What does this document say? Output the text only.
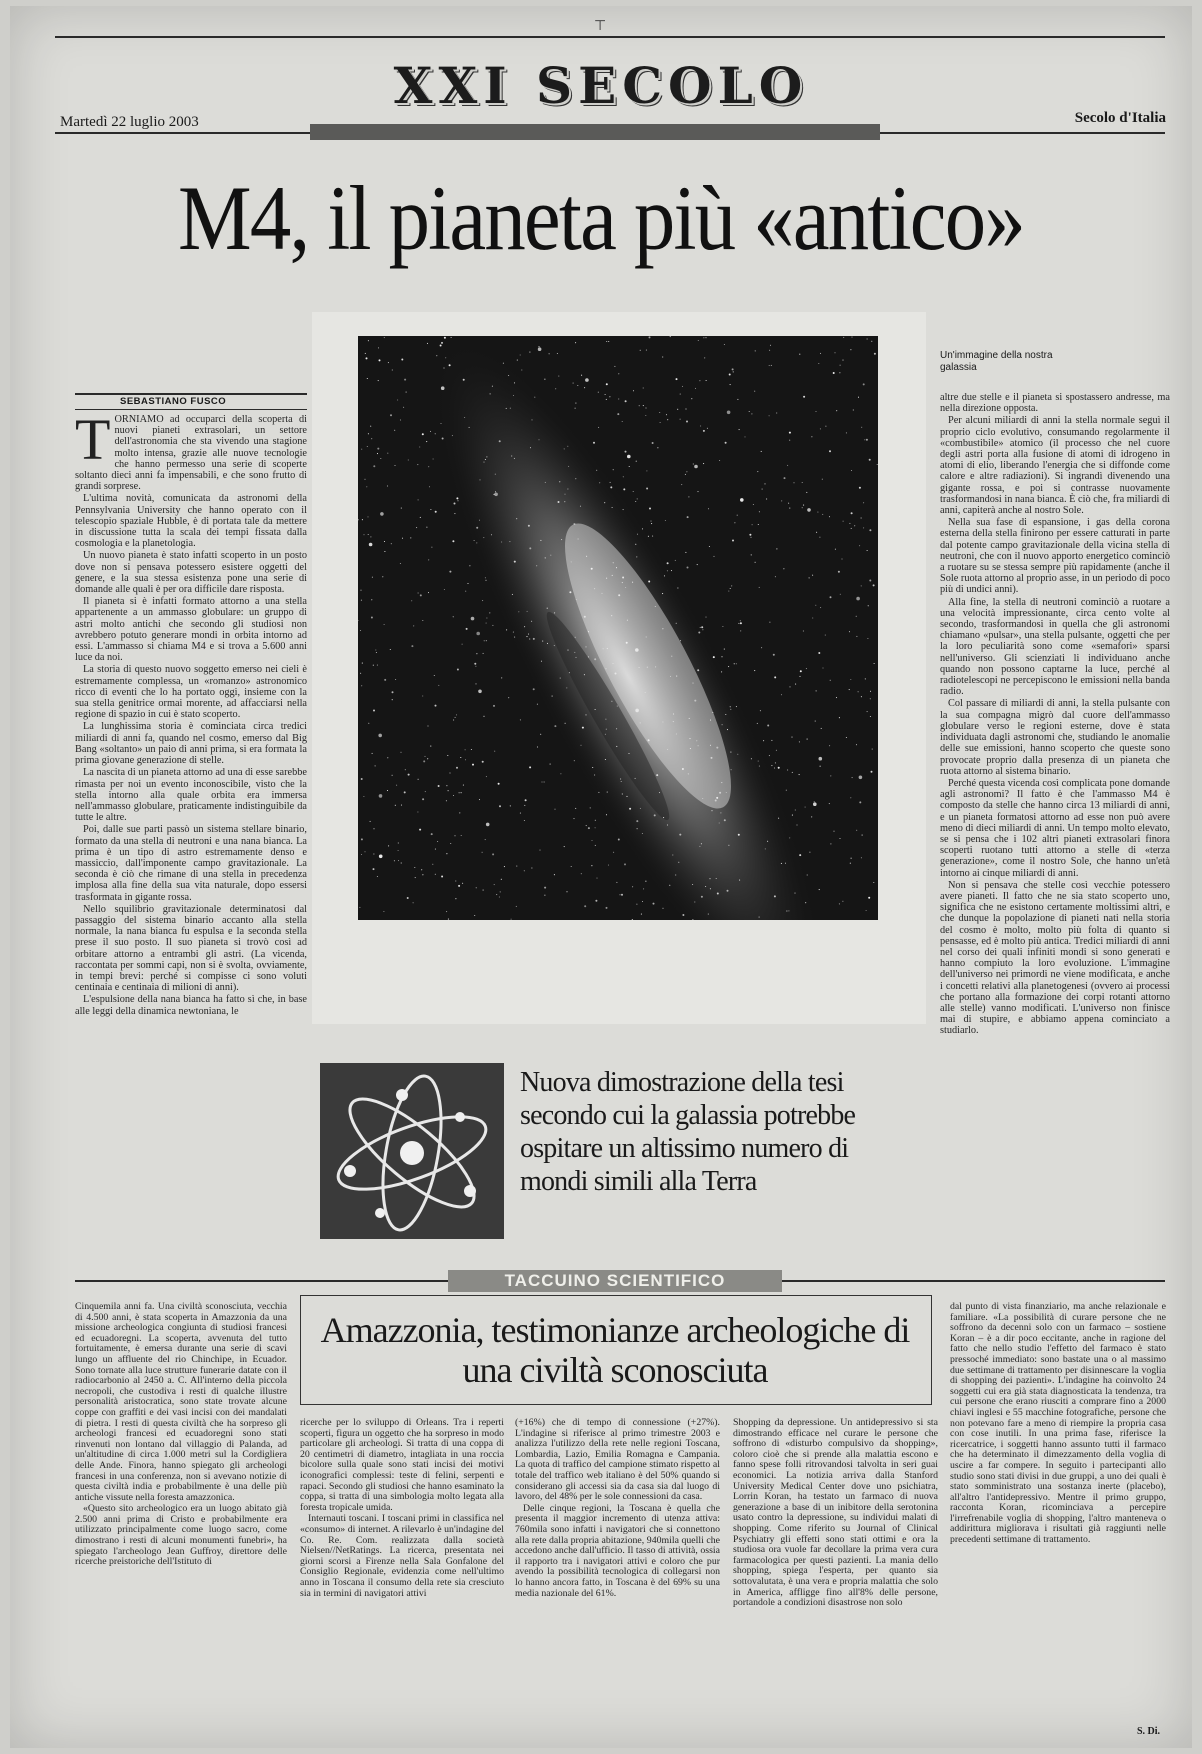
⊤
XXI SECOLO
Martedì 22 luglio 2003	Secolo d'Italia
M4, il pianeta più «antico»
SEBASTIANO FUSCO
T ORNIAMO ad occuparci della scoperta di nuovi pianeti extrasolari, un settore dell'astronomia che sta vivendo una stagione molto intensa, grazie alle nuove tecnologie che hanno permesso una serie di scoperte soltanto dieci anni fa impensabili, e che sono frutto di grandi sorprese.

L'ultima novità, comunicata da astronomi della Pennsylvania University che hanno operato con il telescopio spaziale Hubble, è di portata tale da mettere in discussione tutta la scala dei tempi fissata dalla cosmologia e la planetologia.

Un nuovo pianeta è stato infatti scoperto in un posto dove non si pensava potessero esistere oggetti del genere, e la sua stessa esistenza pone una serie di domande alle quali è per ora difficile dare risposta.

Il pianeta si è infatti formato attorno a una stella appartenente a un ammasso globulare: un gruppo di astri molto antichi che secondo gli studiosi non avrebbero potuto generare mondi in orbita intorno ad essi. L'ammasso si chiama M4 e si trova a 5.600 anni luce da noi.

La storia di questo nuovo soggetto emerso nei cieli è estremamente complessa, un «romanzo» astronomico ricco di eventi che lo ha portato oggi, insieme con la sua stella genitrice ormai morente, ad affacciarsi nella regione di spazio in cui è stato scoperto.

La lunghissima storia è cominciata circa tredici miliardi di anni fa, quando nel cosmo, emerso dal Big Bang «soltanto» un paio di anni prima, si era formata la prima giovane generazione di stelle.

La nascita di un pianeta attorno ad una di esse sarebbe rimasta per noi un evento inconoscibile, visto che la stella intorno alla quale orbita era immersa nell'ammasso globulare, praticamente indistinguibile da tutte le altre.

Poi, dalle sue parti passò un sistema stellare binario, formato da una stella di neutroni e una nana bianca. La prima è un tipo di astro estremamente denso e massiccio, dall'imponente campo gravitazionale. La seconda è ciò che rimane di una stella in precedenza implosa alla fine della sua vita naturale, dopo essersi trasformata in gigante rossa.

Nello squilibrio gravitazionale determinatosi dal passaggio del sistema binario accanto alla stella normale, la nana bianca fu espulsa e la seconda stella prese il suo posto. Il suo pianeta si trovò così ad orbitare attorno a entrambi gli astri. (La vicenda, raccontata per sommi capi, non si è svolta, ovviamente, in tempi brevi: perché si compisse ci sono voluti centinaia e centinaia di milioni di anni).

L'espulsione della nana bianca ha fatto sì che, in base alle leggi della dinamica newtoniana, le

Un'immagine della nostra galassia

altre due stelle e il pianeta si spostassero andresse, ma nella direzione opposta.

Per alcuni miliardi di anni la stella normale seguì il proprio ciclo evolutivo, consumando regolarmente il «combustibile» atomico (il processo che nel cuore degli astri porta alla fusione di atomi di idrogeno in atomi di elio, liberando l'energia che si diffonde come calore e altre radiazioni). Si ingrandì divenendo una gigante rossa, e poi si contrasse nuovamente trasformandosi in nana bianca. È ciò che, fra miliardi di anni, capiterà anche al nostro Sole.

Nella sua fase di espansione, i gas della corona esterna della stella finirono per essere catturati in parte dal potente campo gravitazionale della vicina stella di neutroni, che con il nuovo apporto energetico cominciò a ruotare su se stessa sempre più rapidamente (anche il Sole ruota attorno al proprio asse, in un periodo di poco più di undici anni).

Alla fine, la stella di neutroni cominciò a ruotare a una velocità impressionante, circa cento volte al secondo, trasformandosi in quella che gli astronomi chiamano «pulsar», una stella pulsante, oggetti che per la loro peculiarità sono come «semafori» sparsi nell'universo. Gli scienziati li individuano anche quando non possono captarne la luce, perché al radiotelescopi ne percepiscono le emissioni nella banda radio.

Col passare di miliardi di anni, la stella pulsante con la sua compagna migrò dal cuore dell'ammasso globulare verso le regioni esterne, dove è stata individuata dagli astronomi che, studiando le anomalie delle sue emissioni, hanno scoperto che queste sono provocate proprio dalla presenza di un pianeta che ruota attorno al sistema binario.

Perché questa vicenda così complicata pone domande agli astronomi? Il fatto è che l'ammasso M4 è composto da stelle che hanno circa 13 miliardi di anni, e un pianeta formatosi attorno ad esse non può avere meno di dieci miliardi di anni. Un tempo molto elevato, se si pensa che i 102 altri pianeti extrasolari finora scoperti ruotano tutti attorno a stelle di «terza generazione», come il nostro Sole, che hanno un'età intorno ai cinque miliardi di anni.

Non si pensava che stelle così vecchie potessero avere pianeti. Il fatto che ne sia stato scoperto uno, significa che ne esistono certamente moltissimi altri, e che dunque la popolazione di pianeti nati nella storia del cosmo è molto, molto più folta di quanto si pensasse, ed è molto più antica. Tredici miliardi di anni nel corso dei quali infiniti mondi si sono generati e hanno compiuto la loro evoluzione. L'immagine dell'universo nei primordi ne viene modificata, e anche i concetti relativi alla planetogenesi (ovvero ai processi che portano alla formazione dei corpi rotanti attorno alle stelle) vanno modificati. L'universo non finisce mai di stupire, e abbiamo appena cominciato a studiarlo.

Nuova dimostrazione della tesi secondo cui la galassia potrebbe ospitare un altissimo numero di mondi simili alla Terra
TACCUINO SCIENTIFICO
Amazzonia, testimonianze archeologiche di una civiltà sconosciuta

Cinquemila anni fa. Una civiltà sconosciuta, vecchia di 4.500 anni, è stata scoperta in Amazzonia da una missione archeologica congiunta di studiosi francesi ed ecuadoregni. La scoperta, avvenuta del tutto fortuitamente, è emersa durante una serie di scavi lungo un affluente del rio Chinchipe, in Ecuador. Sono tornate alla luce strutture funerarie datate con il radiocarbonio al 2450 a. C. All'interno della piccola necropoli, che custodiva i resti di qualche illustre personalità aristocratica, sono state trovate alcune coppe con graffiti e dei vasi incisi con dei mandalati di pietra. I resti di questa civiltà che ha sorpreso gli archeologi francesi ed ecuadoregni sono stati rinvenuti non lontano dal villaggio di Palanda, ad un'altitudine di circa 1.000 metri sul la Cordigliera delle Ande. Finora, hanno spiegato gli archeologi francesi in una conferenza, non si avevano notizie di questa civiltà india e probabilmente è una delle più antiche vissute nella foresta amazzonica.

«Questo sito archeologico era un luogo abitato già 2.500 anni prima di Cristo e probabilmente era utilizzato principalmente come luogo sacro, come dimostrano i resti di alcuni monumenti funebri», ha spiegato l'archeologo Jean Guffroy, direttore delle ricerche preistoriche dell'Istituto di

ricerche per lo sviluppo di Orleans. Tra i reperti scoperti, figura un oggetto che ha sorpreso in modo particolare gli archeologi. Si tratta di una coppa di 20 centimetri di diametro, intagliata in una roccia bicolore sulla quale sono stati incisi dei motivi iconografici complessi: teste di felini, serpenti e rapaci. Secondo gli studiosi che hanno esaminato la coppa, si tratta di una simbologia molto legata alla foresta tropicale umida.

Internauti toscani. I toscani primi in classifica nel «consumo» di internet. A rilevarlo è un'indagine del Co. Re. Com. realizzata dalla società Nielsen//NetRatings. La ricerca, presentata nei giorni scorsi a Firenze nella Sala Gonfalone del Consiglio Regionale, evidenzia come nell'ultimo anno in Toscana il consumo della rete sia cresciuto sia in termini di navigatori attivi

(+16%) che di tempo di connessione (+27%). L'indagine si riferisce al primo trimestre 2003 e analizza l'utilizzo della rete nelle regioni Toscana, Lombardia, Lazio, Emilia Romagna e Campania. La quota di traffico del campione stimato rispetto al totale del traffico web italiano è del 50% quando si considerano gli accessi sia da casa sia dal luogo di lavoro, del 48% per le sole connessioni da casa.

Delle cinque regioni, la Toscana è quella che presenta il maggior incremento di utenza attiva: 760mila sono infatti i navigatori che si connettono alla rete dalla propria abitazione, 940mila quelli che accedono anche dall'ufficio. Il tasso di attività, ossia il rapporto tra i navigatori attivi e coloro che pur avendo la possibilità tecnologica di collegarsi non lo hanno ancora fatto, in Toscana è del 69% su una media nazionale del 61%.

Shopping da depressione. Un antidepressivo si sta dimostrando efficace nel curare le persone che soffrono di «disturbo compulsivo da shopping», coloro cioè che si prende alla malattia escono e fanno spese folli ritrovandosi talvolta in seri guai economici. La notizia arriva dalla Stanford University Medical Center dove uno psichiatra, Lorrin Koran, ha testato un farmaco di nuova generazione a base di un inibitore della serotonina usato contro la depressione, su individui malati di shopping. Come riferito su Journal of Clinical Psychiatry gli effetti sono stati ottimi e ora la studiosa ora vuole far decollare la prima vera cura farmacologica per questi pazienti. La mania dello shopping, spiega l'esperta, per quanto sia sottovalutata, è una vera e propria malattia che solo in America, affligge fino all'8% delle persone, portandole a condizioni disastrose non solo

dal punto di vista finanziario, ma anche relazionale e familiare. «La possibilità di curare persone che ne soffrono da decenni solo con un farmaco – sostiene Koran – è a dir poco eccitante, anche in ragione del fatto che nello studio l'effetto del farmaco è stato pressoché immediato: sono bastate una o al massimo due settimane di trattamento per disinnescare la voglia di shopping dei pazienti». L'indagine ha coinvolto 24 soggetti cui era già stata diagnosticata la tendenza, tra cui persone che erano riusciti a comprare fino a 2000 chiavi inglesi e 55 macchine fotografiche, persone che non potevano fare a meno di riempire la propria casa con cose inutili. In una prima fase, riferisce la ricercatrice, i soggetti hanno assunto tutti il farmaco che ha determinato il dimezzamento della voglia di uscire a far compere. In seguito i partecipanti allo studio sono stati divisi in due gruppi, a uno dei quali è stato somministrato una sostanza inerte (placebo), all'altro l'antidepressivo. Mentre il primo gruppo, racconta Koran, ricominciava a percepire l'irrefrenabile voglia di shopping, l'altro manteneva o addirittura migliorava i risultati già raggiunti nelle precedenti settimane di trattamento.

S. Di.
